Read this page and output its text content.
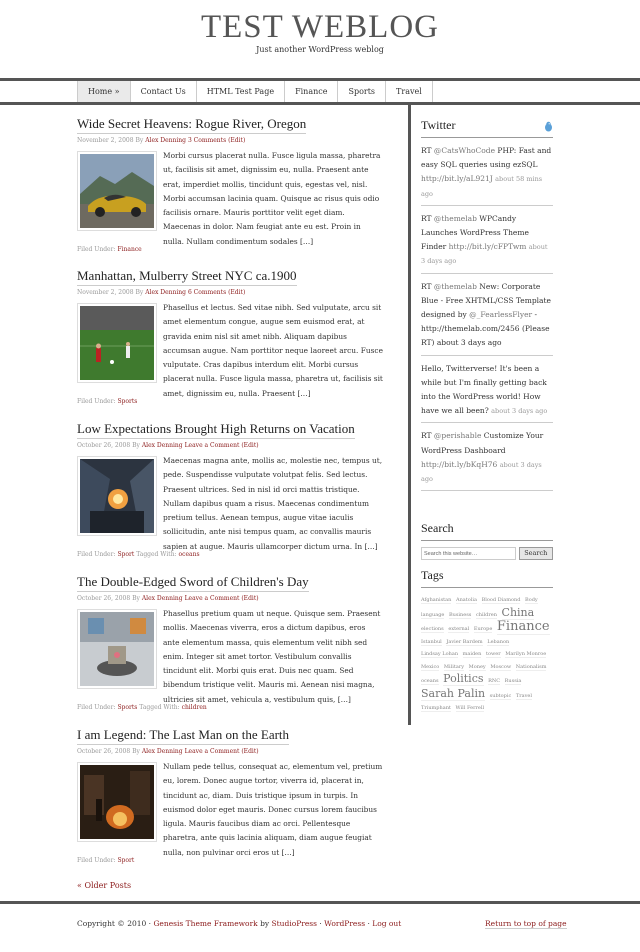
TEST WEBLOG
Just another WordPress weblog
Home »	Contact Us	HTML Test Page	Finance	Sports	Travel
Wide Secret Heavens: Rogue River, Oregon
November 2, 2008 By Alex Denning 3 Comments (Edit)
Morbi cursus placerat nulla. Fusce ligula massa, pharetra ut, facilisis sit amet, dignissim eu, nulla. Praesent ante erat, imperdiet mollis, tincidunt quis, egestas vel, nisl. Morbi accumsan lacinia quam. Quisque ac risus quis odio facilisis ornare. Mauris porttitor velit eget diam. Maecenas in dolor. Nam feugiat ante eu est. Proin in nulla. Nullam condimentum sodales […]
Filed Under: Finance
Manhattan, Mulberry Street NYC ca.1900
November 2, 2008 By Alex Denning 6 Comments (Edit)
Phasellus et lectus. Sed vitae nibh. Sed vulputate, arcu sit amet elementum congue, augue sem euismod erat, at gravida enim nisl sit amet nibh. Aliquam dapibus accumsan augue. Nam porttitor neque laoreet arcu. Fusce vulputate. Cras dapibus interdum elit. Morbi cursus placerat nulla. Fusce ligula massa, pharetra ut, facilisis sit amet, dignissim eu, nulla. Praesent […]
Filed Under: Sports
Low Expectations Brought High Returns on Vacation
October 26, 2008 By Alex Denning Leave a Comment (Edit)
Maecenas magna ante, mollis ac, molestie nec, tempus ut, pede. Suspendisse vulputate volutpat felis. Sed lectus. Praesent ultrices. Sed in nisl id orci mattis tristique. Nullam dapibus quam a risus. Maecenas condimentum pretium tellus. Aenean tempus, augue vitae iaculis sollicitudin, ante nisi tempus quam, ac convallis mauris sapien at augue. Mauris ullamcorper dictum urna. In […]
Filed Under: Sport Tagged With: oceans
The Double-Edged Sword of Children's Day
October 26, 2008 By Alex Denning Leave a Comment (Edit)
Phasellus pretium quam ut neque. Quisque sem. Praesent mollis. Maecenas viverra, eros a dictum dapibus, eros ante elementum massa, quis elementum velit nibh sed enim. Integer sit amet tortor. Vestibulum convallis tincidunt elit. Morbi quis erat. Duis nec quam. Sed bibendum tristique velit. Mauris mi. Aenean nisi magna, ultricies sit amet, vehicula a, vestibulum quis, […]
Filed Under: Sports Tagged With: children
I am Legend: The Last Man on the Earth
October 26, 2008 By Alex Denning Leave a Comment (Edit)
Nullam pede tellus, consequat ac, elementum vel, pretium eu, lorem. Donec augue tortor, viverra id, placerat in, tincidunt ac, diam. Duis tristique ipsum in turpis. In euismod dolor eget mauris. Donec cursus lorem faucibus ligula. Mauris faucibus diam ac orci. Pellentesque pharetra, ante quis lacinia aliquam, diam augue feugiat nulla, non pulvinar orci eros ut […]
Filed Under: Sport
« Older Posts
Twitter
RT @CatsWhoCode PHP: Fast and easy SQL queries using ezSQL http://bit.ly/aL921J about 58 mins ago
RT @themelab WPCandy Launches WordPress Theme Finder http://bit.ly/cFPTwm about 3 days ago
RT @themelab New: Corporate Blue - Free XHTML/CSS Template designed by @_FearlessFlyer - http://themelab.com/2456 (Please RT) about 3 days ago
Hello, Twitterverse! It's been a while but I'm finally getting back into the WordPress world! How have we all been? about 3 days ago
RT @perishable Customize Your WordPress Dashboard http://bit.ly/bKqH76 about 3 days ago
Search
Search this website…	Search
Tags
Afghanistan Anatolia Blood Diamond Body language Business children China elections external Europe Finance Istanbul Javier Bardem Lebanon Lindsay Lohan maiden tower Marilyn Monroe Mexico Military Money Moscow Nationalism oceans Politics RNC Russia Sarah Palin subtopic Travel Triumphant Will Ferrell
Copyright © 2010 · Genesis Theme Framework by StudioPress · WordPress · Log out	Return to top of page
